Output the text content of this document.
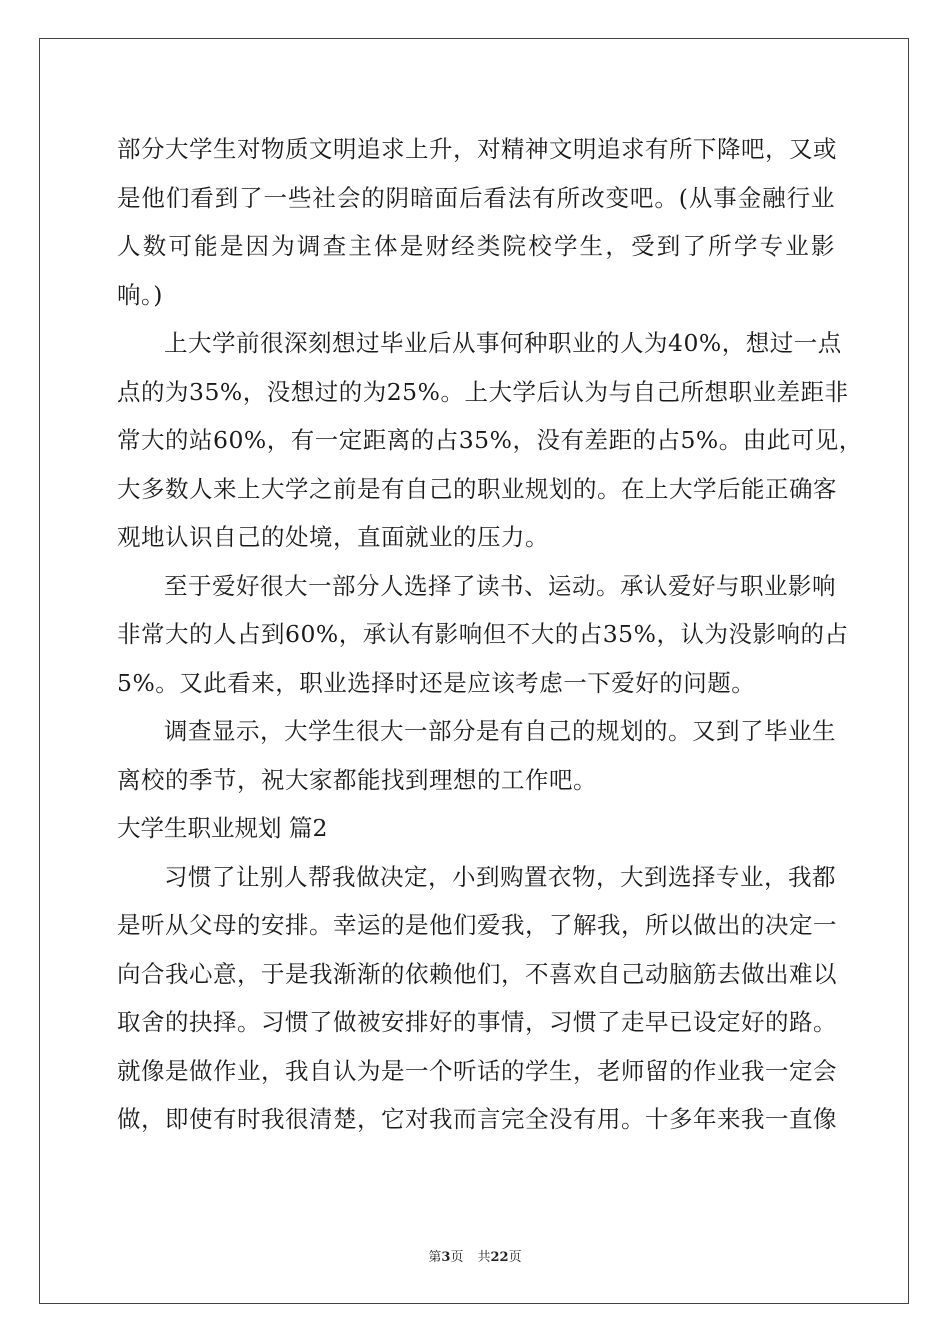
部分大学生对物质文明追求上升，对精神文明追求有所下降吧，又或
是他们看到了一些社会的阴暗面后看法有所改变吧。(从事金融行业
人数可能是因为调查主体是财经类院校学生，受到了所学专业影
响。)
上大学前很深刻想过毕业后从事何种职业的人为40%，想过一点
点的为35%，没想过的为25%。上大学后认为与自己所想职业差距非
常大的站60%，有一定距离的占35%，没有差距的占5%。由此可见，
大多数人来上大学之前是有自己的职业规划的。在上大学后能正确客
观地认识自己的处境，直面就业的压力。
至于爱好很大一部分人选择了读书、运动。承认爱好与职业影响
非常大的人占到60%，承认有影响但不大的占35%，认为没影响的占
5%。又此看来，职业选择时还是应该考虑一下爱好的问题。
调查显示，大学生很大一部分是有自己的规划的。又到了毕业生
离校的季节，祝大家都能找到理想的工作吧。
大学生职业规划 篇2
习惯了让别人帮我做决定，小到购置衣物，大到选择专业，我都
是听从父母的安排。幸运的是他们爱我，了解我，所以做出的决定一
向合我心意，于是我渐渐的依赖他们，不喜欢自己动脑筋去做出难以
取舍的抉择。习惯了做被安排好的事情，习惯了走早已设定好的路。
就像是做作业，我自认为是一个听话的学生，老师留的作业我一定会
做，即使有时我很清楚，它对我而言完全没有用。十多年来我一直像
第3页 共22页
